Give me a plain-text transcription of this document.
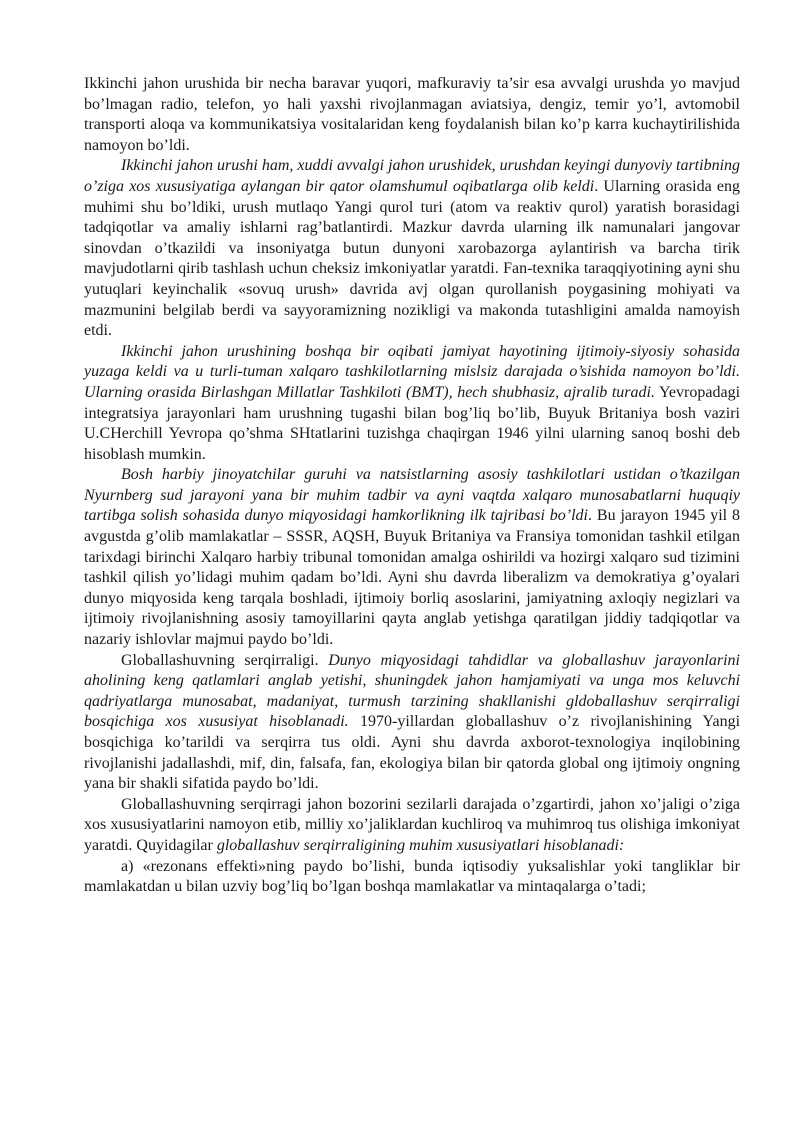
Ikkinchi jahon urushida bir necha baravar yuqori, mafkuraviy ta’sir esa avvalgi urushda yo mavjud bo’lmagan radio, telefon, yo hali yaxshi rivojlanmagan aviatsiya, dengiz, temir yo’l, avtomobil transporti aloqa va kommunikatsiya vositalaridan keng foydalanish bilan ko’p karra kuchaytirilishida namoyon bo’ldi.

Ikkinchi jahon urushi ham, xuddi avvalgi jahon urushidek, urushdan keyingi dunyoviy tartibning o’ziga xos xususiyatiga aylangan bir qator olamshumul oqibatlarga olib keldi. Ularning orasida eng muhimi shu bo’ldiki, urush mutlaqo Yangi qurol turi (atom va reaktiv qurol) yaratish borasidagi tadqiqotlar va amaliy ishlarni rag’batlantirdi. Mazkur davrda ularning ilk namunalari jangovar sinovdan o’tkazildi va insoniyatga butun dunyoni xarobazorga aylantirish va barcha tirik mavjudotlarni qirib tashlash uchun cheksiz imkoniyatlar yaratdi. Fan-texnika taraqqiyotining ayni shu yutuqlari keyinchalik «sovuq urush» davrida avj olgan qurollanish poygasining mohiyati va mazmunini belgilab berdi va sayyoramizning nozikligi va makonda tutashligini amalda namoyish etdi.

Ikkinchi jahon urushining boshqa bir oqibati jamiyat hayotining ijtimoiy-siyosiy sohasida yuzaga keldi va u turli-tuman xalqaro tashkilotlarning mislsiz darajada o’sishida namoyon bo’ldi. Ularning orasida Birlashgan Millatlar Tashkiloti (BMT), hech shubhasiz, ajralib turadi. Yevropadagi integratsiya jarayonlari ham urushning tugashi bilan bog’liq bo’lib, Buyuk Britaniya bosh vaziri U.CHerchill Yevropa qo’shma SHtatlarini tuzishga chaqirgan 1946 yilni ularning sanoq boshi deb hisoblash mumkin.

Bosh harbiy jinoyatchilar guruhi va natsistlarning asosiy tashkilotlari ustidan o’tkazilgan Nyurnberg sud jarayoni yana bir muhim tadbir va ayni vaqtda xalqaro munosabatlarni huquqiy tartibga solish sohasida dunyo miqyosidagi hamkorlikning ilk tajribasi bo’ldi. Bu jarayon 1945 yil 8 avgustda g’olib mamlakatlar – SSSR, AQSH, Buyuk Britaniya va Fransiya tomonidan tashkil etilgan tarixdagi birinchi Xalqaro harbiy tribunal tomonidan amalga oshirildi va hozirgi xalqaro sud tizimini tashkil qilish yo’lidagi muhim qadam bo’ldi. Ayni shu davrda liberalizm va demokratiya g’oyalari dunyo miqyosida keng tarqala boshladi, ijtimoiy borliq asoslarini, jamiyatning axloqiy negizlari va ijtimoiy rivojlanishning asosiy tamoyillarini qayta anglab yetishga qaratilgan jiddiy tadqiqotlar va nazariy ishlovlar majmui paydo bo’ldi.

Globallashuvning serqirraligi. Dunyo miqyosidagi tahdidlar va globallashuv jarayonlarini aholining keng qatlamlari anglab yetishi, shuningdek jahon hamjamiyati va unga mos keluvchi qadriyatlarga munosabat, madaniyat, turmush tarzining shakllanishi gldoballashuv serqirraligi bosqichiga xos xususiyat hisoblanadi. 1970-yillardan globallashuv o’z rivojlanishining Yangi bosqichiga ko’tarildi va serqirra tus oldi. Ayni shu davrda axborot-texnologiya inqilobining rivojlanishi jadallashdi, mif, din, falsafa, fan, ekologiya bilan bir qatorda global ong ijtimoiy ongning yana bir shakli sifatida paydo bo’ldi.

Globallashuvning serqirragi jahon bozorini sezilarli darajada o’zgartirdi, jahon xo’jaligi o’ziga xos xususiyatlarini namoyon etib, milliy xo’jaliklardan kuchliroq va muhimroq tus olishiga imkoniyat yaratdi. Quyidagilar globallashuv serqirraligining muhim xususiyatlari hisoblanadi:

a) «rezonans effekti»ning paydo bo’lishi, bunda iqtisodiy yuksalishlar yoki tangliklar bir mamlakatdan u bilan uzviy bog’liq bo’lgan boshqa mamlakatlar va mintaqalarga o’tadi;
